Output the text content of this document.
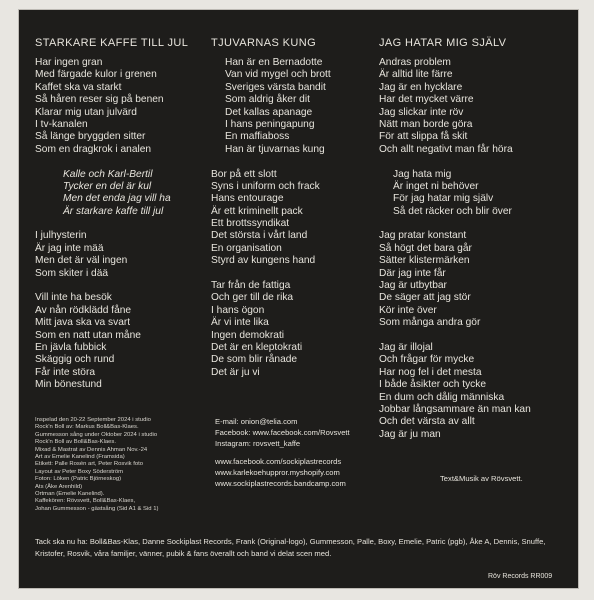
STARKARE KAFFE TILL JUL
Har ingen gran
Med färgade kulor i grenen
Kaffet ska va starkt
Så håren reser sig på benen
Klarar mig utan julvärd
I tv-kanalen
Så länge bryggden sitter
Som en dragkrok i analen
Kalle och Karl-Bertil
Tycker en del är kul
Men det enda jag vill ha
Är starkare kaffe till jul
I julhysterin
Är jag inte mää
Men det är väl ingen
Som skiter i dää
Vill inte ha besök
Av nån rödklädd fåne
Mitt java ska va svart
Som en natt utan måne
En jävla fubbick
Skäggig och rund
Får inte störa
Min bönestund
TJUVARNAS KUNG
Han är en Bernadotte
Van vid mygel och brott
Sveriges värsta bandit
Som aldrig åker dit
Det kallas apanage
I hans peningapung
En maffiaboss
Han är tjuvarnas kung
Bor på ett slott
Syns i uniform och frack
Hans entourage
Är ett kriminellt pack
Ett brottssyndikat
Det största i vårt land
En organisation
Styrd av kungens hand
Tar från de fattiga
Och ger till de rika
I hans ögon
Är vi inte lika
Ingen demokrati
Det är en kleptokrati
De som blir rånade
Det är ju vi
JAG HATAR MIG SJÄLV
Andras problem
Är alltid lite färre
Jag är en hycklare
Har det mycket värre
Jag slickar inte röv
Nätt man borde göra
För att slippa få skit
Och allt negativt man får höra
Jag hata mig
Är inget ni behöver
För jag hatar mig själv
Så det räcker och blir över
Jag pratar konstant
Så högt det bara går
Sätter klistermärken
Där jag inte får
Jag är utbytbar
De säger att jag stör
Kör inte över
Som många andra gör
Jag är illojal
Och frågar för mycke
Har nog fel i det mesta
I både åsikter och tycke
En dum och dålig människa
Jobbar långsammare än man kan
Och det värsta av allt
Jag är ju man
Inspelad den 20-22 September 2024 i studio
Rock'n Boll av: Markus Boll&Bas-Klaes.
Gummesson sång under Oktober 2024 i studio
Rock'n Boll av Boll&Bas-Klaes.
Mixad & Mastrat av Dennis Ahman Nov.-24
Art av Emelie Kanelind (Framsida)
Etikett: Palle Rosén art, Peter Rosvik foto
Layout av Peter Boxy Söderström
Foton: Löken (Patric Björneskog)
Ats (Åke Arenhild)
Ortman (Emelie Kanelind).
Kaffekören: Rövsvett, Boll&Bas-Klaes,
Johan Gummesson - gästsång (Sid A1 & Sid 1)
E-mail: onion@telia.com
Facebook: www.facebook.com/Rovsvett
Instagram: rovsvett_kaffe
www.facebook.com/sockiplastrecords
www.karlekoehuppror.myshopify.com
www.sockiplastrecords.bandcamp.com
Text&Musik av Rövsvett.
Tack ska nu ha: Boll&Bas-Klas, Danne Sockiplast Records, Frank (Original-logo), Gummesson, Palle, Boxy, Emelie, Patric (pgb), Åke A, Dennis, Snuffe, Kristofer, Rosvik, våra familjer, vänner, pubik & fans överallt och band vi delat scen med.
Röv Records RR009
